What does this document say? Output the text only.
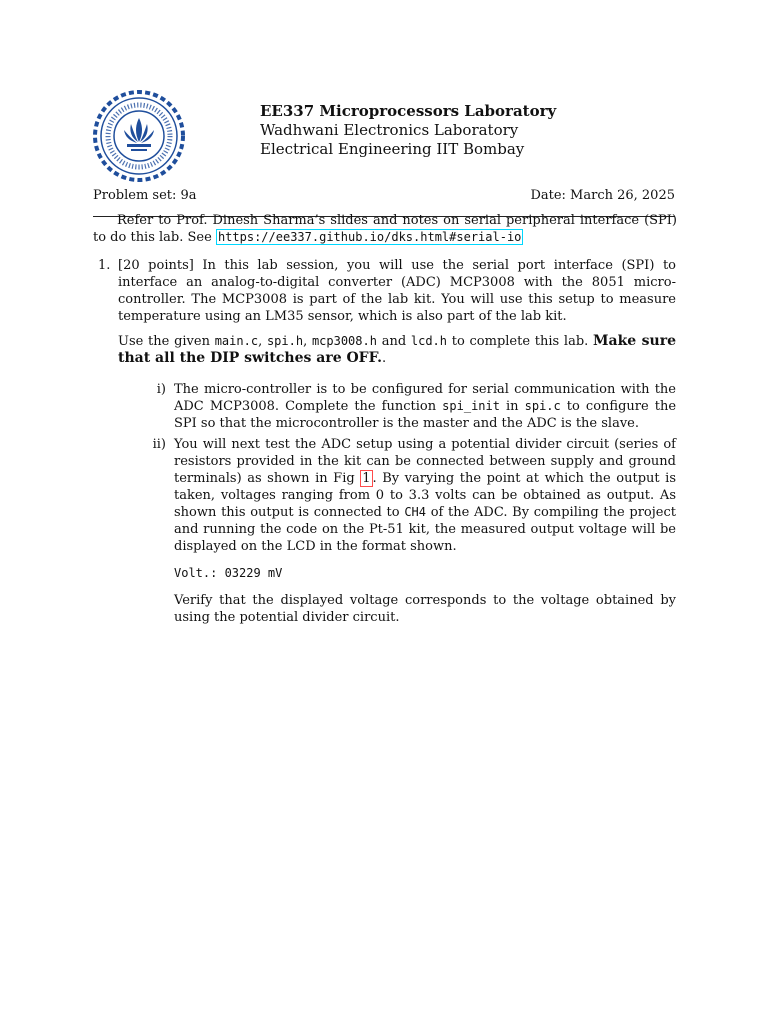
EE337 Microprocessors Laboratory
Wadhwani Electronics Laboratory
Electrical Engineering IIT Bombay
Problem set: 9a	Date: March 26, 2025
Refer to Prof. Dinesh Sharma’s slides and notes on serial peripheral interface (SPI) to do this lab. See https://ee337.github.io/dks.html#serial-io
1. [20 points] In this lab session, you will use the serial port interface (SPI) to interface an analog-to-digital converter (ADC) MCP3008 with the 8051 micro-controller. The MCP3008 is part of the lab kit. You will use this setup to measure temperature using an LM35 sensor, which is also part of the lab kit.

Use the given main.c, spi.h, mcp3008.h and lcd.h to complete this lab. Make sure that all the DIP switches are OFF..

i) The micro-controller is to be configured for serial communication with the ADC MCP3008. Complete the function spi_init in spi.c to configure the SPI so that the microcontroller is the master and the ADC is the slave.
ii) You will next test the ADC setup using a potential divider circuit (series of resistors provided in the kit can be connected between supply and ground terminals) as shown in Fig 1 . By varying the point at which the output is taken, voltages ranging from 0 to 3.3 volts can be obtained as output. As shown this output is connected to CH4 of the ADC. By compiling the project and running the code on the Pt-51 kit, the measured output voltage will be displayed on the LCD in the format shown.
Volt.: 03229 mV
Verify that the displayed voltage corresponds to the voltage obtained by using the potential divider circuit.
